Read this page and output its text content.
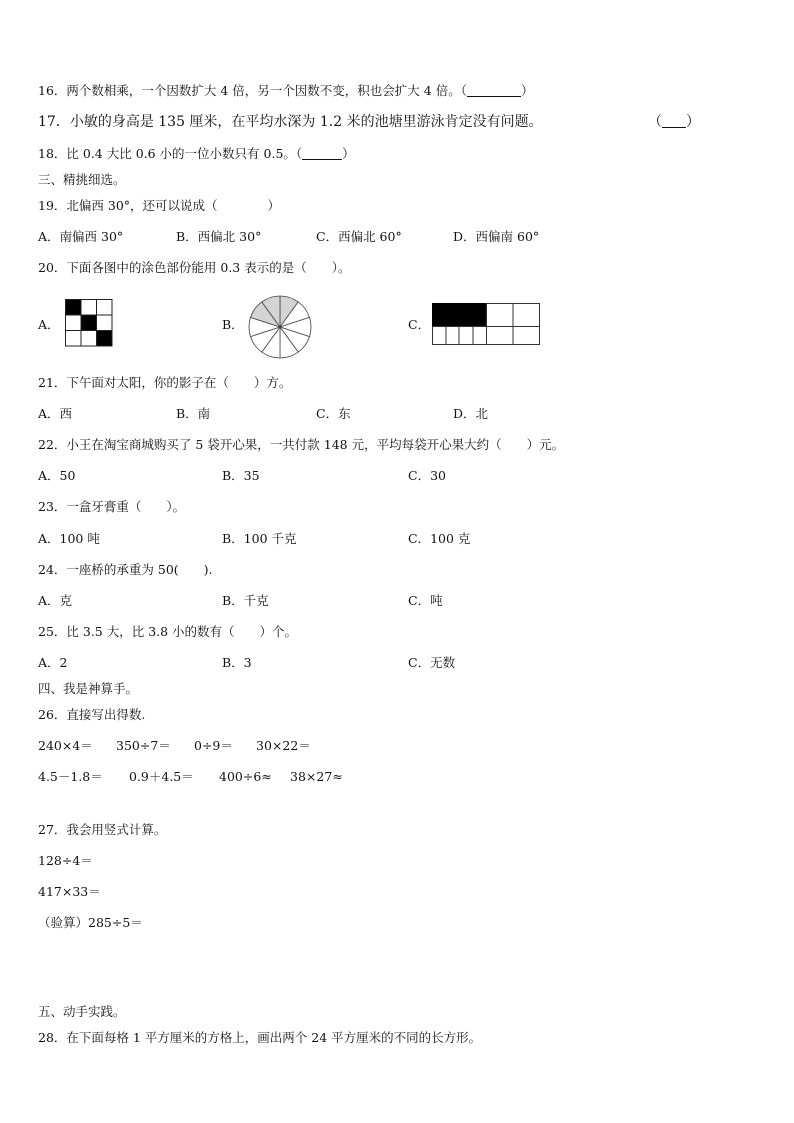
16．两个数相乘，一个因数扩大 4 倍，另一个因数不变，积也会扩大 4 倍。（	）
17．小敏的身高是 135 厘米，在平均水深为 1.2 米的池塘里游泳肯定没有问题。	（ ）
18．比 0.4 大比 0.6 小的一位小数只有 0.5。（	）
三、精挑细选。
19．北偏西 30°，还可以说成（　　　　）
A．南偏西 30°	B．西偏北 30°	C．西偏北 60°	D．西偏南 60°
20．下面各图中的涂色部份能用 0.3 表示的是（　　）。
A．	B．	C．
21．下午面对太阳，你的影子在（　　）方。
A．西	B．南	C．东	D．北
22．小王在淘宝商城购买了 5 袋开心果，一共付款 148 元，平均每袋开心果大约（　　）元。
A．50	B．35	C．30
23．一盒牙膏重（　　）。
A．100 吨	B．100 千克	C．100 克
24．一座桥的承重为 50(　　).
A．克	B．千克	C．吨
25．比 3.5 大，比 3.8 小的数有（　　）个。
A．2	B．3	C．无数
四、我是神算手。
26．直接写出得数.
240×4＝ 350÷7＝ 0÷9＝ 30×22＝
4.5－1.8＝ 0.9＋4.5＝ 400÷6≈ 38×27≈
27．我会用竖式计算。
128÷4＝
417×33＝
（验算）285÷5＝
五、动手实践。
28．在下面每格 1 平方厘米的方格上，画出两个 24 平方厘米的不同的长方形。
